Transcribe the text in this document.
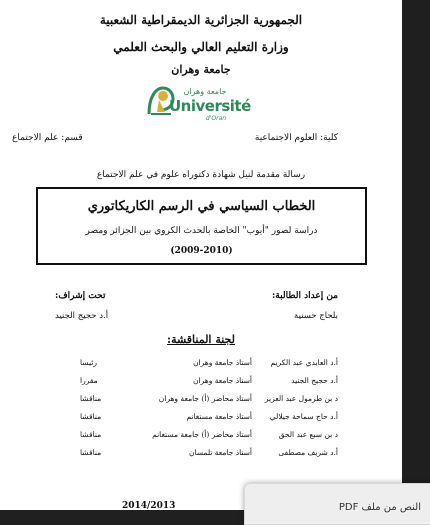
الجمهورية الجزائرية الديمقراطية الشعبية
وزارة التعليم العالي والبحث العلمي
جامعة وهران
جامعة وهران
Université
d'Oran
كلية: العلوم الاجتماعية
قسم: علم الاجتماع
رسالة مقدمة لنيل شهادة دكتوراه علوم في علم الاجتماع
الخطاب السياسي في الرسم الكاريكاتوري
دراسة لصور "أيوب" الخاصة بالحدث الكروي بين الجزائر ومصر
(2009-2010)
من إعداد الطالبة:
بلحاج حسنية
تحت إشراف:
أ.د حجيج الجنيد
لجنة المناقشة:
أ.د العابدي عبد الكريم
أستاذ جامعة وهران
رئيسا
أ.د حجيج الجنيد
أستاذ جامعة وهران
مقررا
د بن طرمول عبد العزيز
أستاذ محاضر (أ) جامعة وهران
مناقشا
أ.د حاج سماحة جيلالي
أستاذ جامعة مستغانم
مناقشا
د بن سبع عبد الحق
أستاذ محاضر (أ) جامعة مستغانم
مناقشا
أ.د شريف مصطفى
أستاذ جامعة تلمسان
مناقشا
2014/2013	النص من ملف PDF
